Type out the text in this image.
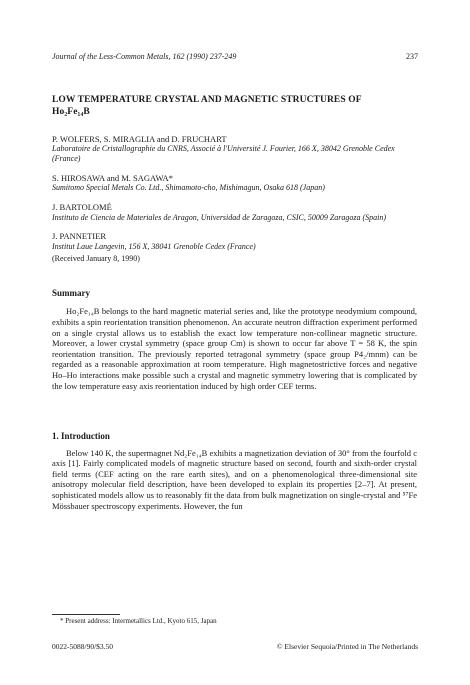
Journal of the Less-Common Metals, 162 (1990) 237-249	237
LOW TEMPERATURE CRYSTAL AND MAGNETIC STRUCTURES OF
Ho₂Fe₁₄B
P. WOLFERS, S. MIRAGLIA and D. FRUCHART
Laboratoire de Cristallographie du CNRS, Associé à l'Université J. Fourier, 166 X, 38042 Grenoble Cedex (France)
S. HIROSAWA and M. SAGAWA*
Sumitomo Special Metals Co. Ltd., Shimamoto-cho, Mishimagun, Osaka 618 (Japan)
J. BARTOLOMÉ
Instituto de Ciencia de Materiales de Aragon, Universidad de Zaragoza, CSIC, 50009 Zaragoza (Spain)
J. PANNETIER
Institut Laue Langevin, 156 X, 38041 Grenoble Cedex (France)
(Received January 8, 1990)
Summary

Ho₂Fe₁₄B belongs to the hard magnetic material series and, like the prototype neodymium compound, exhibits a spin reorientation transition phenomenon. An accurate neutron diffraction experiment performed on a single crystal allows us to establish the exact low temperature non-collinear magnetic structure. Moreover, a lower crystal symmetry (space group Cm) is shown to occur far above T = 58 K, the spin reorientation transition. The previously reported tetragonal symmetry (space group P4₂/mnm) can be regarded as a reasonable approximation at room temperature. High magnetostrictive forces and negative Ho–Ho interactions make possible such a crystal and magnetic symmetry lowering that is complicated by the low temperature easy axis reorientation induced by high order CEF terms.

1. Introduction

Below 140 K, the supermagnet Nd₂Fe₁₄B exhibits a magnetization deviation of 30° from the fourfold c axis [1]. Fairly complicated models of magnetic structure based on second, fourth and sixth-order crystal field terms (CEF acting on the rare earth sites), and on a phenomenological three-dimensional site anisotropy molecular field description, have been developed to explain its properties [2–7]. At present, sophisticated models allow us to reasonably fit the data from bulk magnetization on single-crystal and ⁵⁷Fe Mössbauer spectroscopy experiments. However, the fun

* Present address: Intermetallics Ltd., Kyoto 615, Japan
0022-5088/90/$3.50	© Elsevier Sequoia/Printed in The Netherlands
